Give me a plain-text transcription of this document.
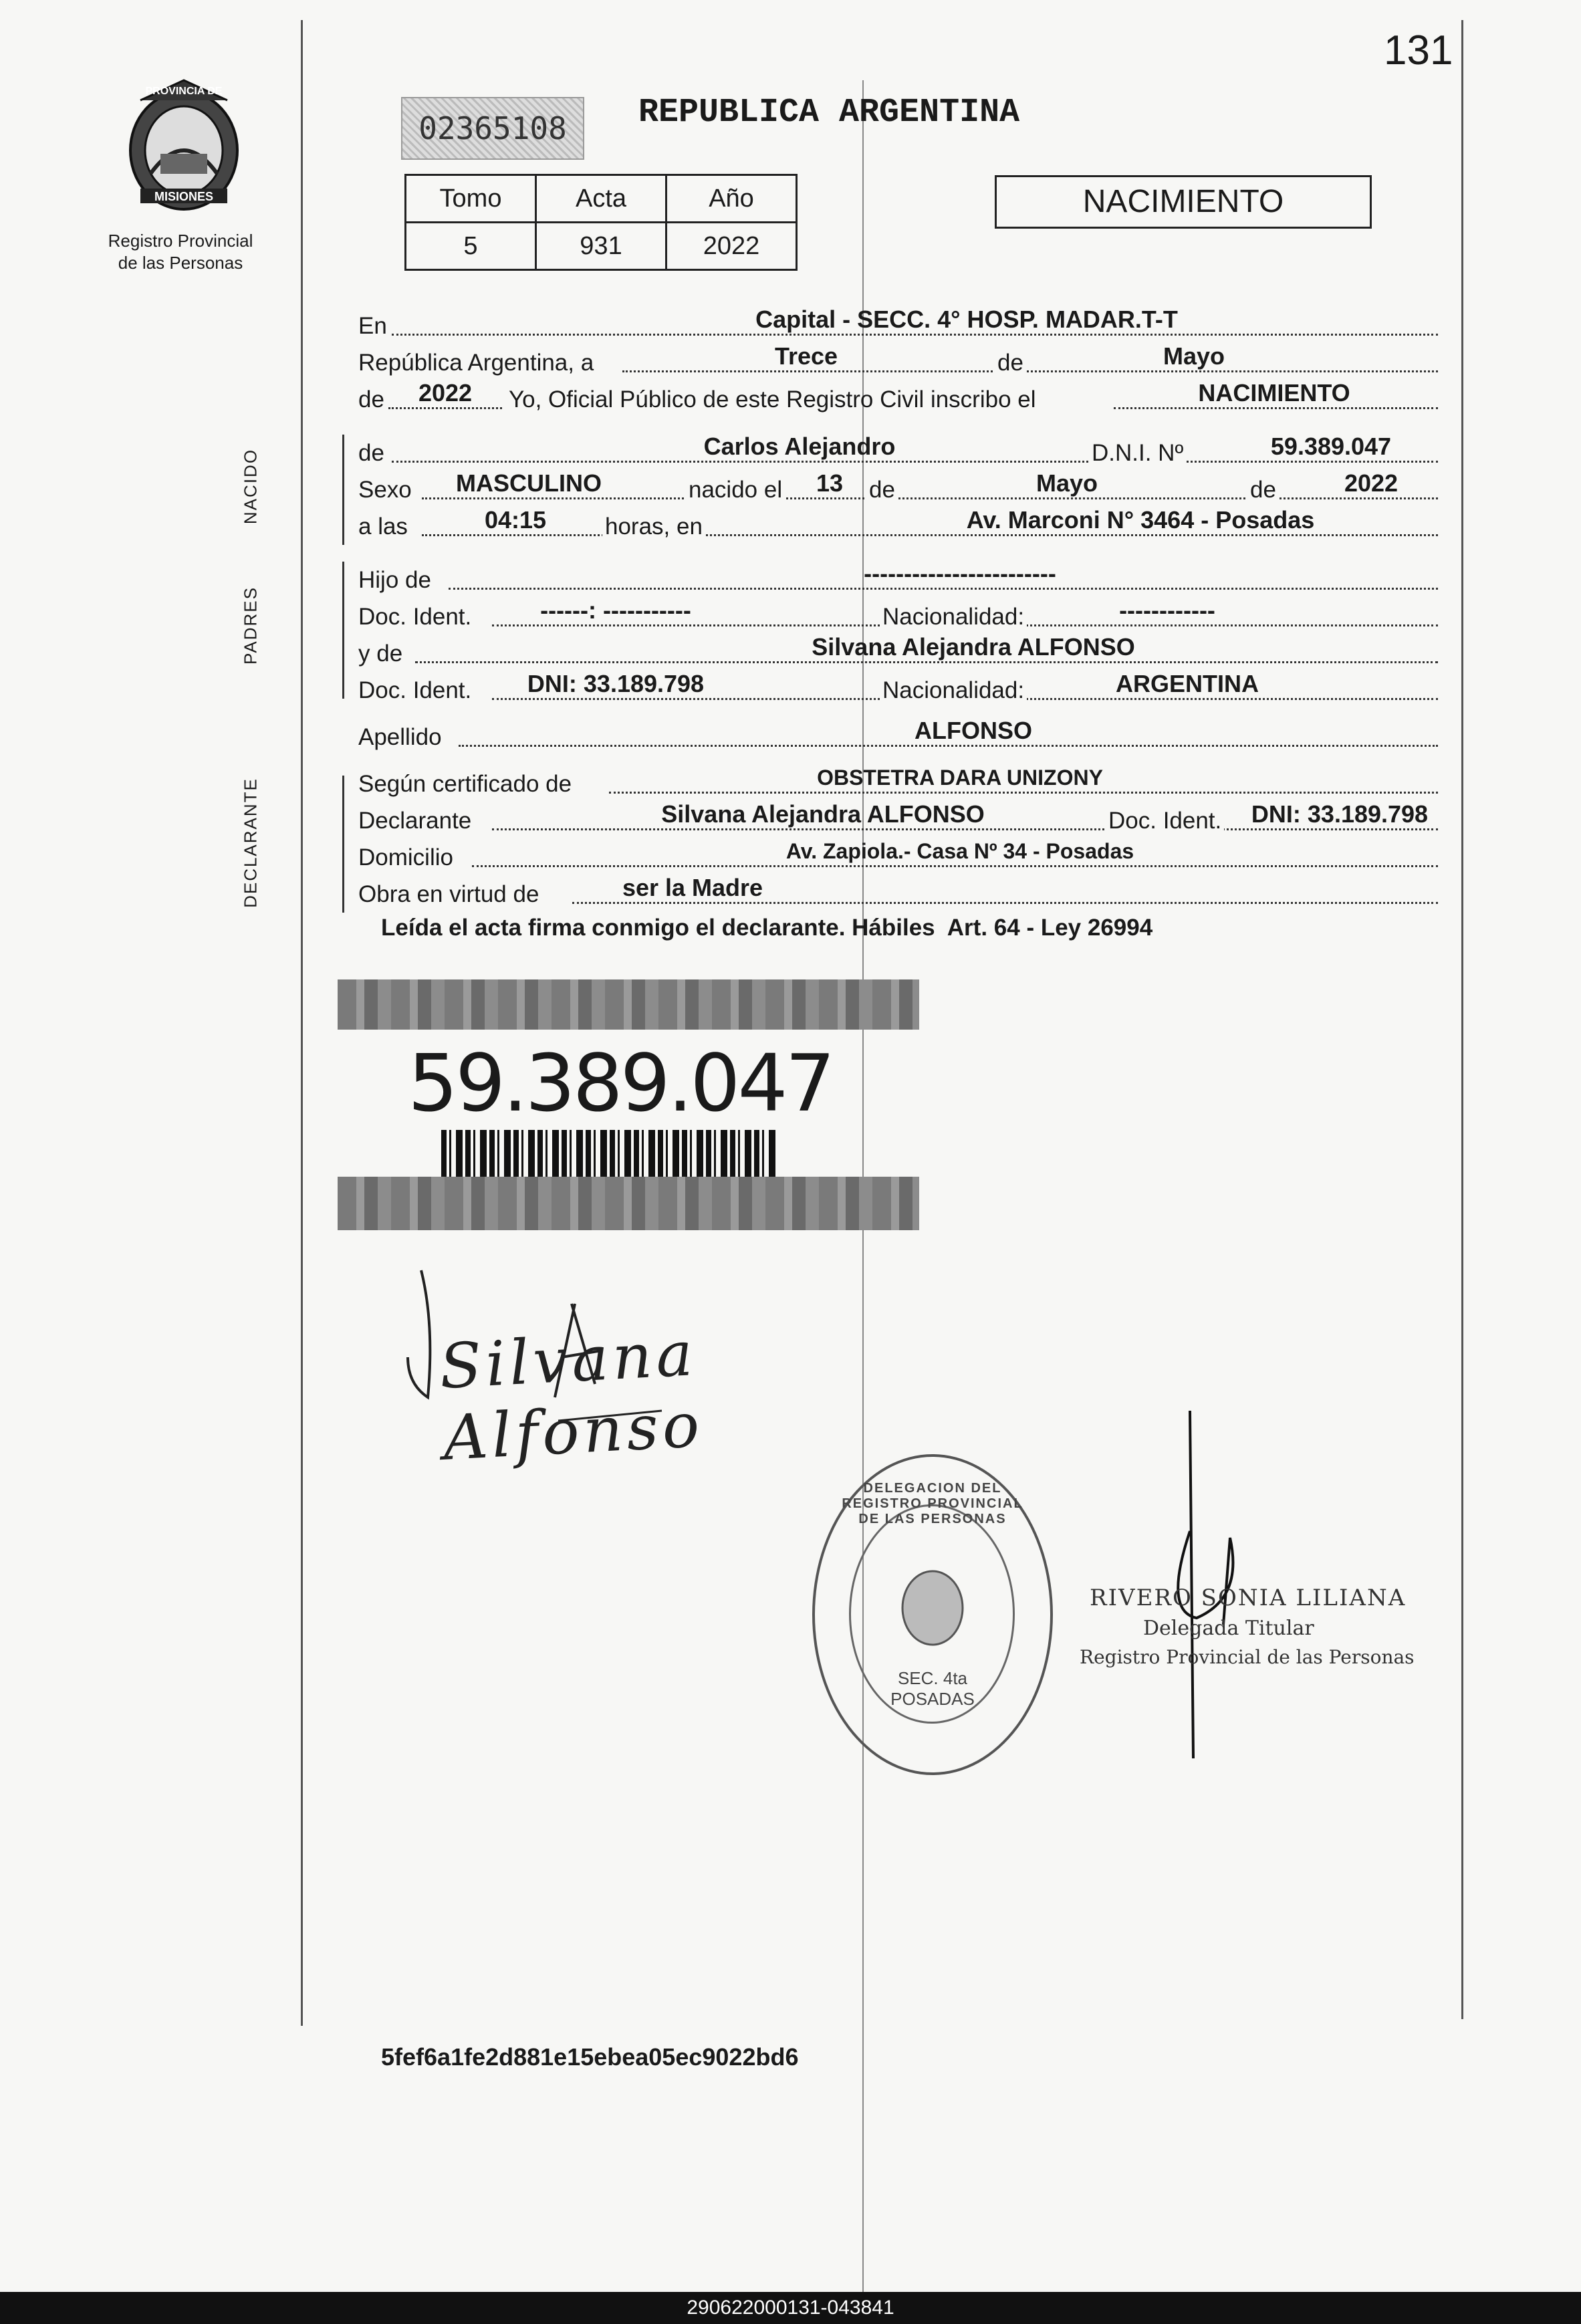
131
PROVINCIA DE
MISIONES
Registro Provincial
de las Personas
02365108	REPUBLICA ARGENTINA
Tomo	Acta	Año
5	931	2022
NACIMIENTO
En	Capital - SECC. 4° HOSP. MADAR.T-T
República Argentina, a	Trece	de	Mayo
de	2022	Yo, Oficial Público de este Registro Civil inscribo el	NACIMIENTO
NACIDO	de	Carlos Alejandro	D.N.I. Nº	59.389.047
Sexo	MASCULINO	nacido el	13	de	Mayo	de	2022
a las	04:15	horas, en	Av. Marconi N° 3464 - Posadas
PADRES
Hijo de	------------------------
Doc. Ident.	------: -----------	Nacionalidad:	------------
y de	Silvana Alejandra ALFONSO
Doc. Ident.	DNI: 33.189.798	Nacionalidad:	ARGENTINA
Apellido	ALFONSO
DECLARANTE	Según certificado de	OBSTETRA DARA UNIZONY
Declarante	Silvana Alejandra ALFONSO	Doc. Ident.	DNI: 33.189.798
Domicilio	Av. Zapiola.- Casa Nº 34 - Posadas
Obra en virtud de	ser la Madre
Leída el acta firma conmigo el declarante. Hábiles  Art. 64 - Ley 26994
59.389.047
Silvana Alfonso
DELEGACION DEL REGISTRO PROVINCIAL DE LAS PERSONAS
SEC. 4ta POSADAS
RIVERO SONIA LILIANA
Delegada Titular
Registro Provincial de las Personas
5fef6a1fe2d881e15ebea05ec9022bd6
290622000131-043841
